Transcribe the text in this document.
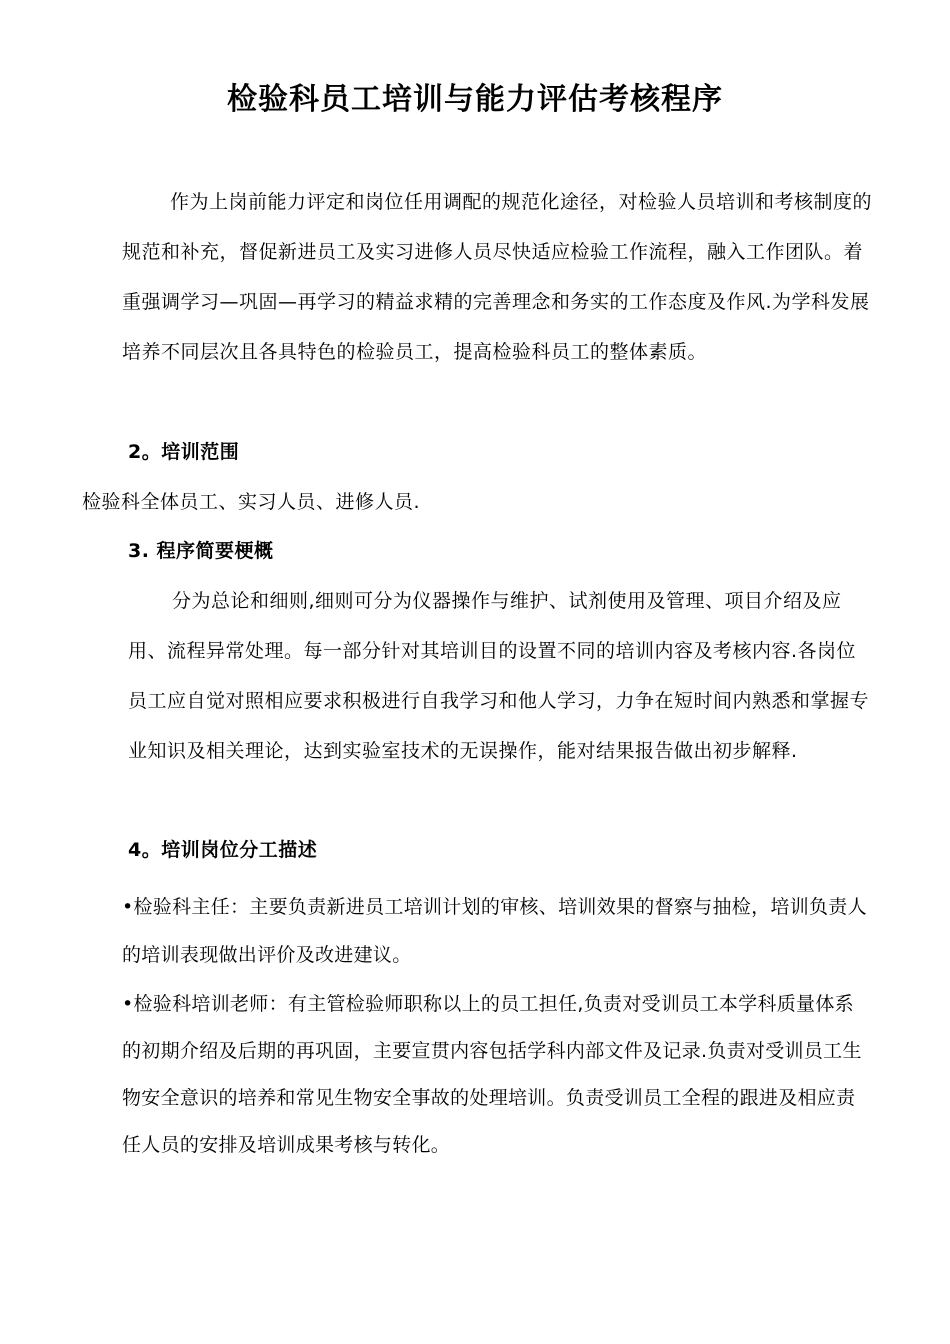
检验科员工培训与能力评估考核程序
作为上岗前能力评定和岗位任用调配的规范化途径，对检验人员培训和考核制度的规范和补充，督促新进员工及实习进修人员尽快适应检验工作流程，融入工作团队。着重强调学习—巩固—再学习的精益求精的完善理念和务实的工作态度及作风.为学科发展培养不同层次且各具特色的检验员工，提高检验科员工的整体素质。
2。培训范围
检验科全体员工、实习人员、进修人员.
3. 程序简要梗概
分为总论和细则,细则可分为仪器操作与维护、试剂使用及管理、项目介绍及应用、流程异常处理。每一部分针对其培训目的设置不同的培训内容及考核内容.各岗位员工应自觉对照相应要求积极进行自我学习和他人学习，力争在短时间内熟悉和掌握专业知识及相关理论，达到实验室技术的无误操作，能对结果报告做出初步解释.
4。培训岗位分工描述
•检验科主任：主要负责新进员工培训计划的审核、培训效果的督察与抽检，培训负责人的培训表现做出评价及改进建议。
•检验科培训老师：有主管检验师职称以上的员工担任,负责对受训员工本学科质量体系的初期介绍及后期的再巩固，主要宣贯内容包括学科内部文件及记录.负责对受训员工生物安全意识的培养和常见生物安全事故的处理培训。负责受训员工全程的跟进及相应责任人员的安排及培训成果考核与转化。
